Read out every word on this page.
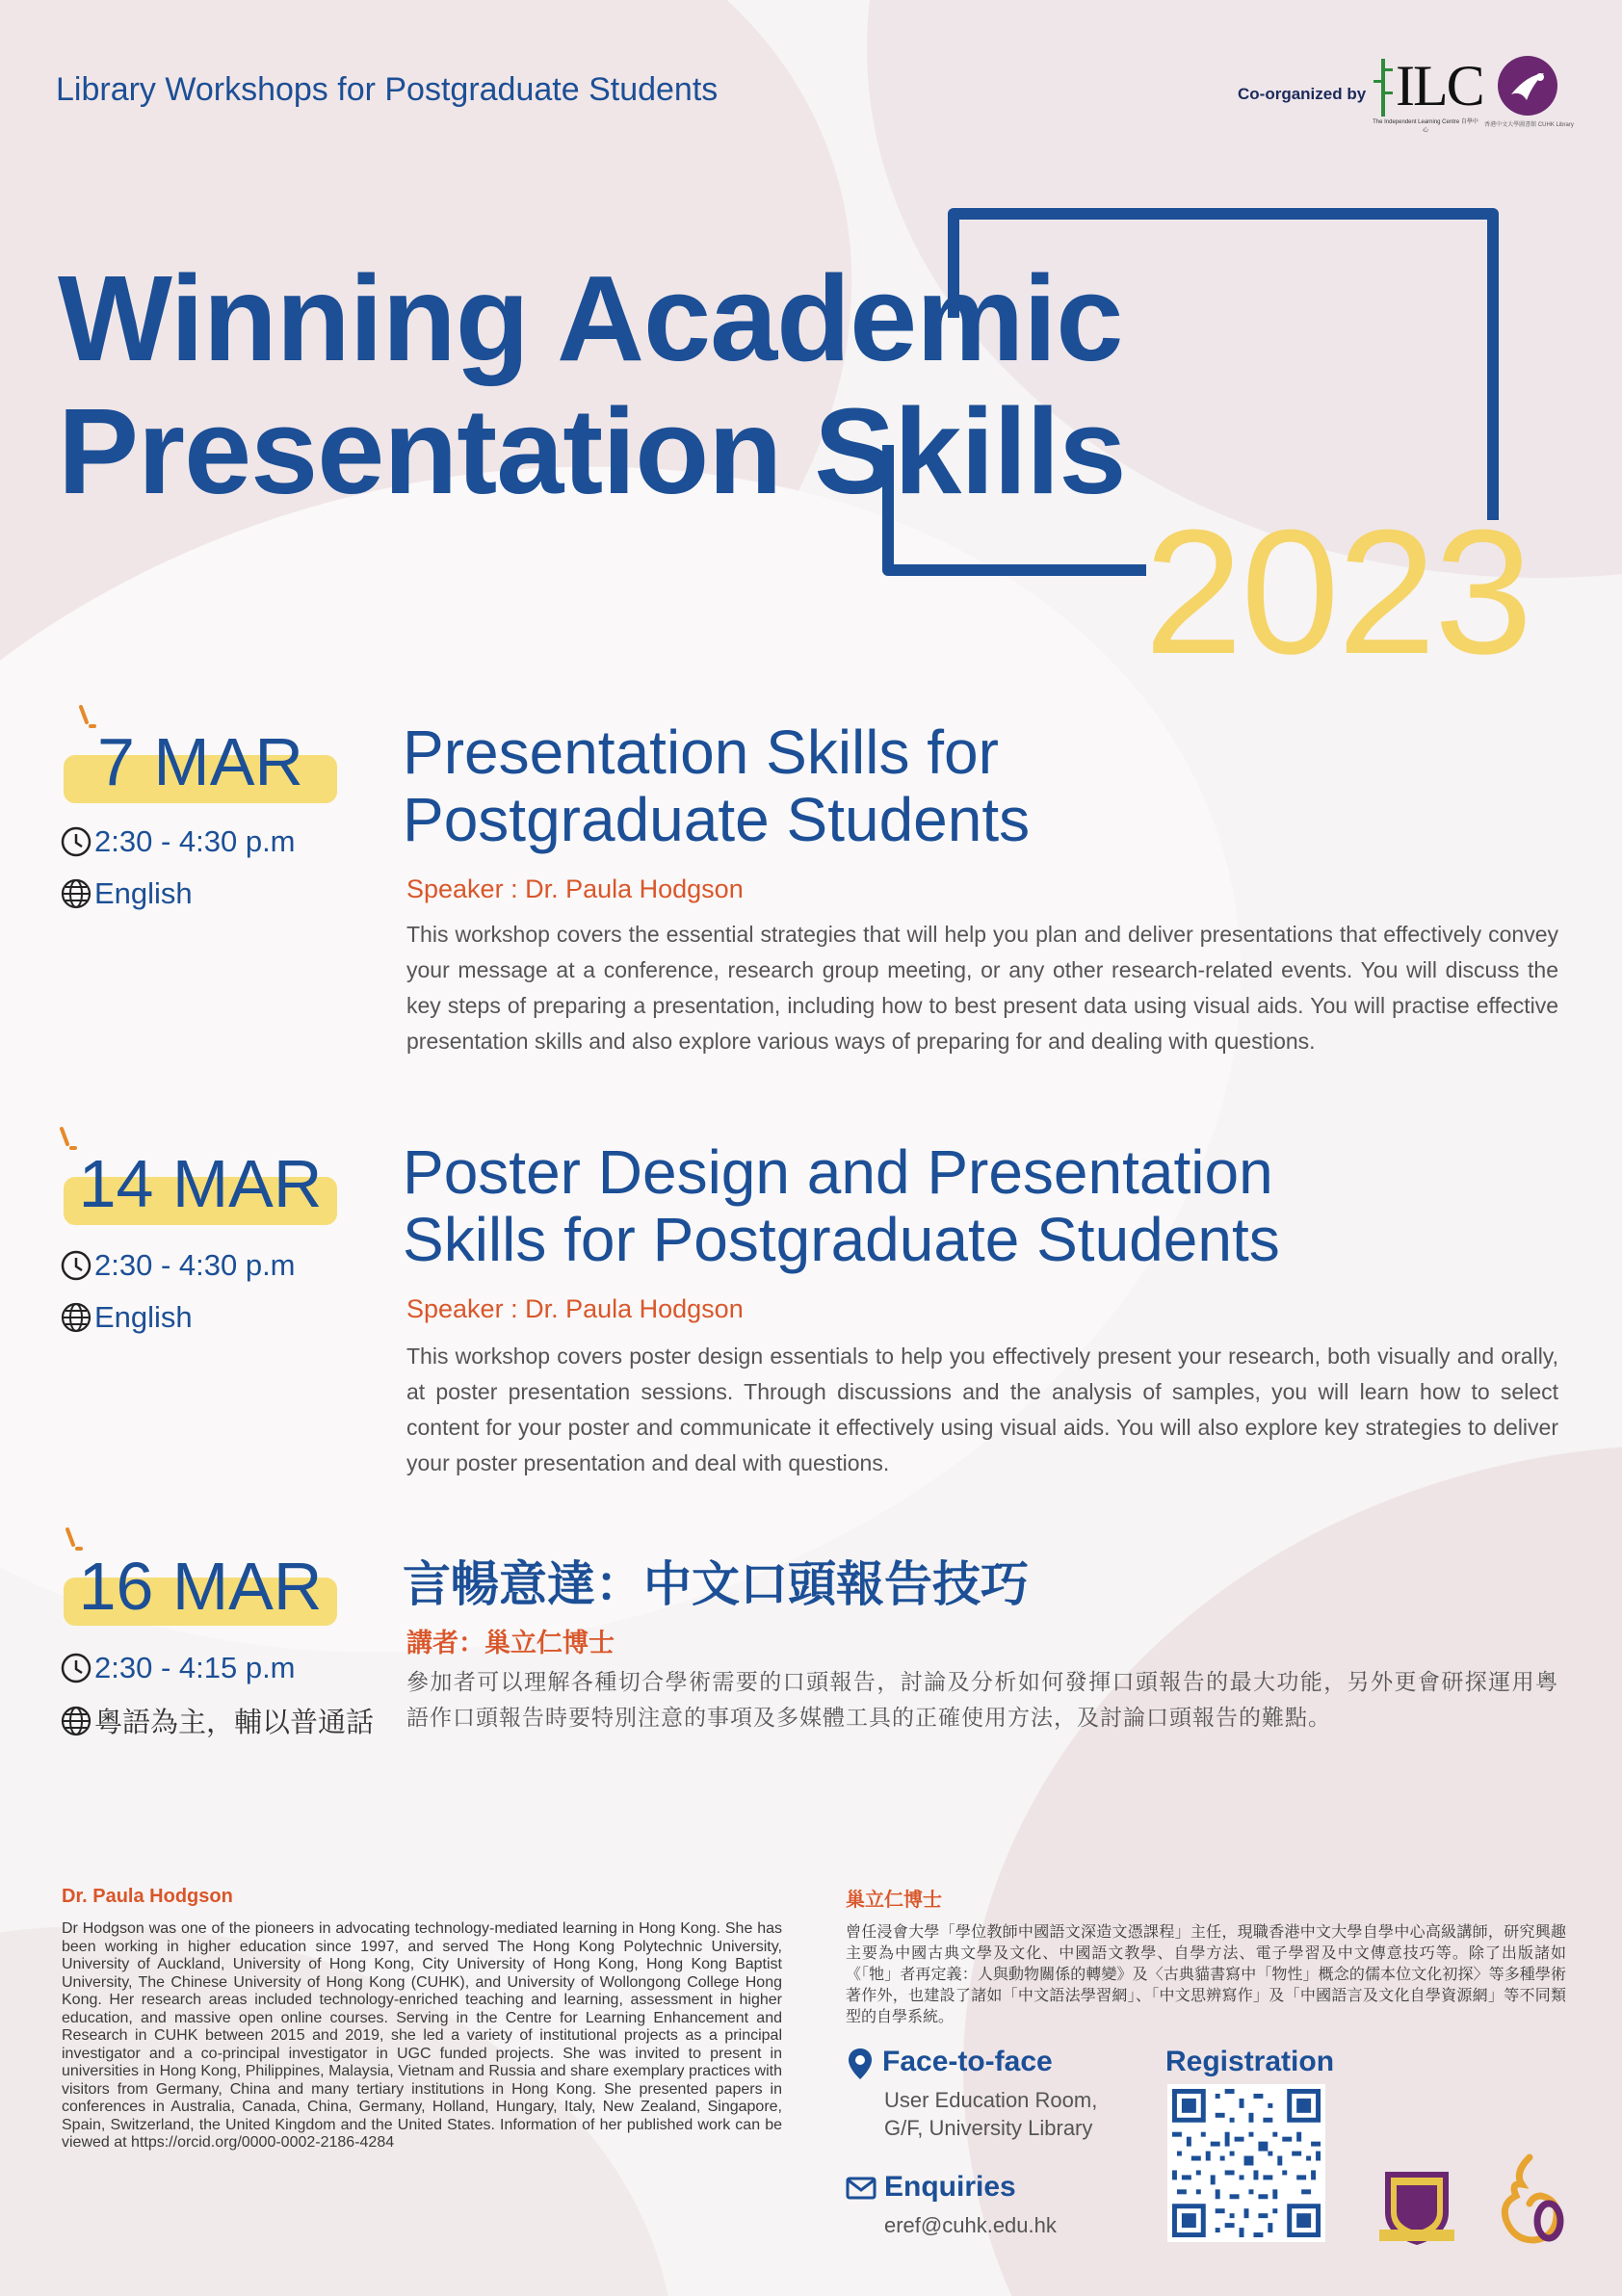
Library Workshops for Postgraduate Students	Co-organized by ILC
The Independent Learning Centre 自學中心
香港中文大學圖書館 CUHK Library
Winning Academic
Presentation Skills
2023
7 MAR
2:30 - 4:30 p.m
English
Presentation Skills for
Postgraduate Students
Speaker : Dr. Paula Hodgson
This workshop covers the essential strategies that will help you plan and deliver presentations that effectively convey your message at a conference, research group meeting, or any other research-related events. You will discuss the key steps of preparing a presentation, including how to best present data using visual aids. You will practise effective presentation skills and also explore various ways of preparing for and dealing with questions.
14 MAR
2:30 - 4:30 p.m
English
Poster Design and Presentation
Skills for Postgraduate Students
Speaker : Dr. Paula Hodgson
This workshop covers poster design essentials to help you effectively present your research, both visually and orally, at poster presentation sessions. Through discussions and the analysis of samples, you will learn how to select content for your poster and communicate it effectively using visual aids. You will also explore key strategies to deliver your poster presentation and deal with questions.
16 MAR
2:30 - 4:15 p.m
粵語為主，輔以普通話
言暢意達：中文口頭報告技巧
講者：巢立仁博士
參加者可以理解各種切合學術需要的口頭報告，討論及分析如何發揮口頭報告的最大功能，另外更會研探運用粵語作口頭報告時要特別注意的事項及多媒體工具的正確使用方法，及討論口頭報告的難點。
Dr. Paula Hodgson
Dr Hodgson was one of the pioneers in advocating technology-mediated learning in Hong Kong. She has been working in higher education since 1997, and served The Hong Kong Polytechnic University, University of Auckland, University of Hong Kong, City University of Hong Kong, Hong Kong Baptist University, The Chinese University of Hong Kong (CUHK), and University of Wollongong College Hong Kong. Her research areas included technology-enriched teaching and learning, assessment in higher education, and massive open online courses. Serving in the Centre for Learning Enhancement and Research in CUHK between 2015 and 2019, she led a variety of institutional projects as a principal investigator and a co-principal investigator in UGC funded projects. She was invited to present in universities in Hong Kong, Philippines, Malaysia, Vietnam and Russia and share exemplary practices with visitors from Germany, China and many tertiary institutions in Hong Kong. She presented papers in conferences in Australia, Canada, China, Germany, Holland, Hungary, Italy, New Zealand, Singapore, Spain, Switzerland, the United Kingdom and the United States. Information of her published work can be viewed at https://orcid.org/0000-0002-2186-4284
巢立仁博士
曾任浸會大學「學位教師中國語文深造文憑課程」主任，現職香港中文大學自學中心高級講師，研究興趣主要為中國古典文學及文化、中國語文教學、自學方法、電子學習及中文傳意技巧等。除了出版諸如《「牠」者再定義：人與動物關係的轉變》及〈古典貓書寫中「物性」概念的儒本位文化初探〉等多種學術著作外，也建設了諸如「中文語法學習網」、「中文思辨寫作」及「中國語言及文化自學資源網」等不同類型的自學系統。
Face-to-face
User Education Room,
G/F, University Library
Enquiries
eref@cuhk.edu.hk
Registration
